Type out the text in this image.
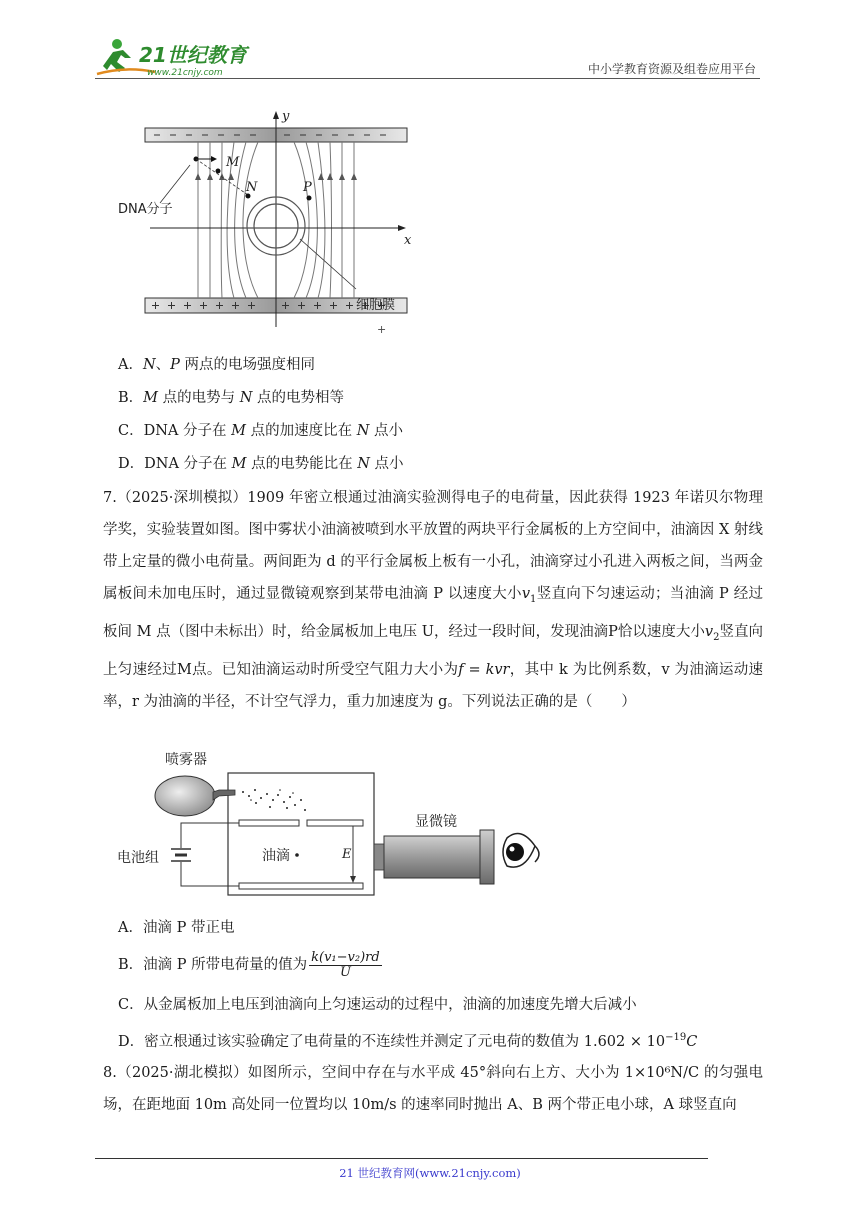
21世纪教育
www.21cnjy.com	中小学教育资源及组卷应用平台
y
x
细胞膜
M
N	P
DNA分子
+
A．N、P 两点的电场强度相同
B．M 点的电势与 N 点的电势相等
C．DNA 分子在 M 点的加速度比在 N 点小
D．DNA 分子在 M 点的电势能比在 N 点小
7.（2025·深圳模拟）1909 年密立根通过油滴实验测得电子的电荷量，因此获得 1923 年诺贝尔物理学奖，实验装置如图。图中雾状小油滴被喷到水平放置的两块平行金属板的上方空间中，油滴因 X 射线带上定量的微小电荷量。两间距为 d 的平行金属板上板有一小孔，油滴穿过小孔进入两板之间，当两金属板间未加电压时，通过显微镜观察到某带电油滴 P 以速度大小$v_1$竖直向下匀速运动；当油滴 P 经过板间 M 点（图中未标出）时，给金属板加上电压 U，经过一段时间，发现油滴P恰以速度大小$v_2$竖直向上匀速经过M点。已知油滴运动时所受空气阻力大小为f = kvr，其中 k 为比例系数，v 为油滴运动速率，r 为油滴的半径，不计空气浮力，重力加速度为 g。下列说法正确的是（　　）
喷雾器
E
油滴
电池组
显微镜
A．油滴 P 带正电
B．油滴 P 所带电荷量的值为 $\frac{\text{k(v₁−v₂)rd}}{U}$
C．从金属板加上电压到油滴向上匀速运动的过程中，油滴的加速度先增大后减小
D．密立根通过该实验确定了电荷量的不连续性并测定了元电荷的数值为 $1.602 \times 10^{-19}C$
8.（2025·湖北模拟）如图所示，空间中存在与水平成 45°斜向右上方、大小为 1×10⁶N/C 的匀强电场，在距地面 10m 高处同一位置均以 10m/s 的速率同时抛出 A、B 两个带正电小球，A 球竖直向
21 世纪教育网(www.21cnjy.com)
